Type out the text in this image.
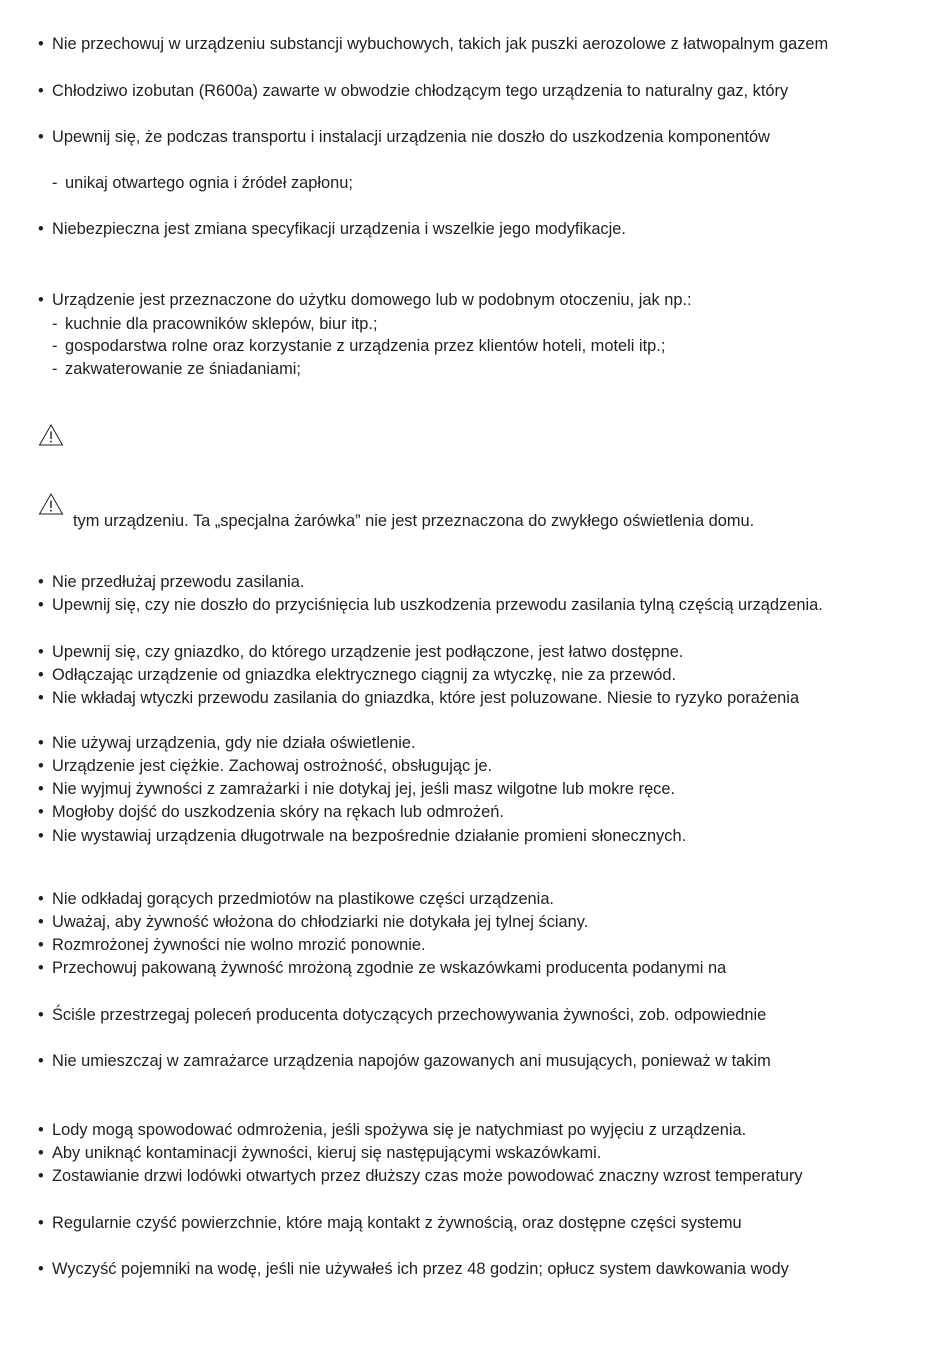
• Nie przechowuj w urządzeniu substancji wybuchowych, takich jak puszki aerozolowe z łatwopalnym gazem
• Chłodziwo izobutan (R600a) zawarte w obwodzie chłodzącym tego urządzenia to naturalny gaz, który
• Upewnij się, że podczas transportu i instalacji urządzenia nie doszło do uszkodzenia komponentów
- unikaj otwartego ognia i źródeł zapłonu;
• Niebezpieczna jest zmiana specyfikacji urządzenia i wszelkie jego modyfikacje.
• Urządzenie jest przeznaczone do użytku domowego lub w podobnym otoczeniu, jak np.:
- kuchnie dla pracowników sklepów, biur itp.;
- gospodarstwa rolne oraz korzystanie z urządzenia przez klientów hoteli, moteli itp.;
- zakwaterowanie ze śniadaniami;
tym urządzeniu. Ta „specjalna żarówka” nie jest przeznaczona do zwykłego oświetlenia domu.
• Nie przedłużaj przewodu zasilania.
• Upewnij się, czy nie doszło do przyciśnięcia lub uszkodzenia przewodu zasilania tylną częścią urządzenia.
• Upewnij się, czy gniazdko, do którego urządzenie jest podłączone, jest łatwo dostępne.
• Odłączając urządzenie od gniazdka elektrycznego ciągnij za wtyczkę, nie za przewód.
• Nie wkładaj wtyczki przewodu zasilania do gniazdka, które jest poluzowane. Niesie to ryzyko porażenia
• Nie używaj urządzenia, gdy nie działa oświetlenie.
• Urządzenie jest ciężkie. Zachowaj ostrożność, obsługując je.
• Nie wyjmuj żywności z zamrażarki i nie dotykaj jej, jeśli masz wilgotne lub mokre ręce.
• Mogłoby dojść do uszkodzenia skóry na rękach lub odmrożeń.
• Nie wystawiaj urządzenia długotrwale na bezpośrednie działanie promieni słonecznych.
• Nie odkładaj gorących przedmiotów na plastikowe części urządzenia.
• Uważaj, aby żywność włożona do chłodziarki nie dotykała jej tylnej ściany.
• Rozmrożonej żywności nie wolno mrozić ponownie.
• Przechowuj pakowaną żywność mrożoną zgodnie ze wskazówkami producenta podanymi na
• Ściśle przestrzegaj poleceń producenta dotyczących przechowywania żywności, zob. odpowiednie
• Nie umieszczaj w zamrażarce urządzenia napojów gazowanych ani musujących, ponieważ w takim
• Lody mogą spowodować odmrożenia, jeśli spożywa się je natychmiast po wyjęciu z urządzenia.
• Aby uniknąć kontaminacji żywności, kieruj się następującymi wskazówkami.
• Zostawianie drzwi lodówki otwartych przez dłuższy czas może powodować znaczny wzrost temperatury
• Regularnie czyść powierzchnie, które mają kontakt z żywnością, oraz dostępne części systemu
• Wyczyść pojemniki na wodę, jeśli nie używałeś ich przez 48 godzin; opłucz system dawkowania wody
